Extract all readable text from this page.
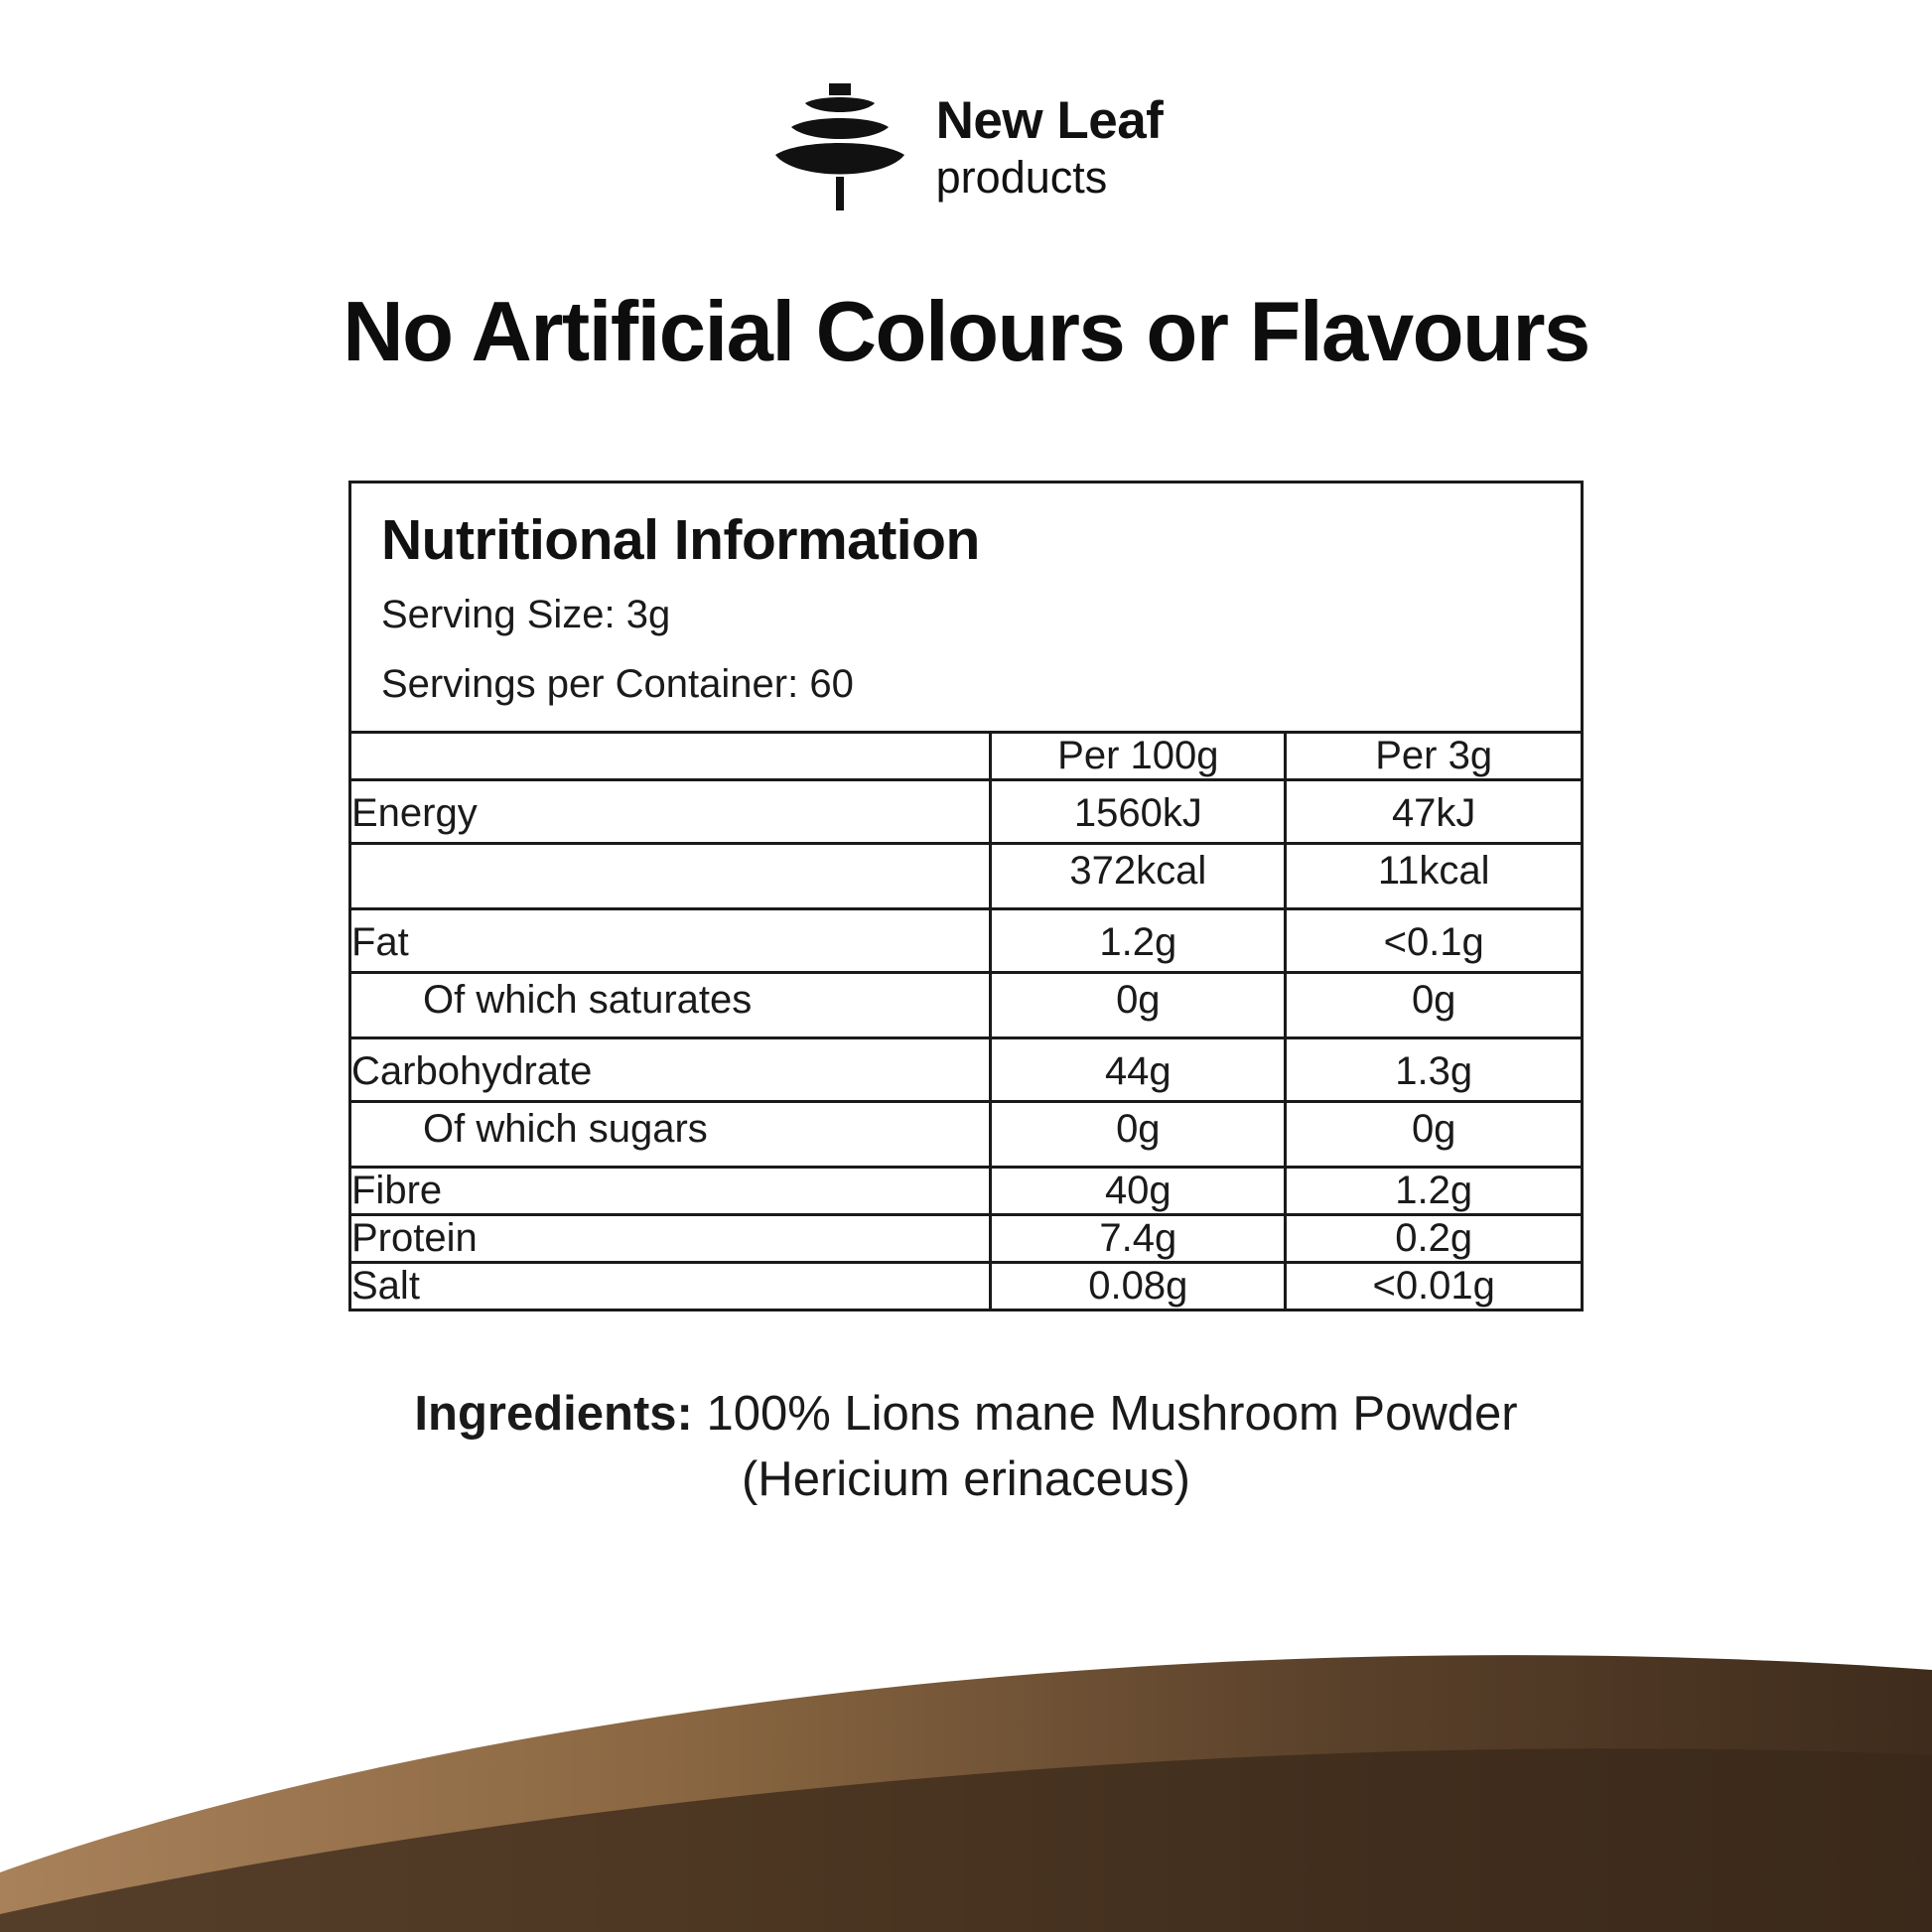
New Leaf
products
No Artificial Colours or Flavours
Nutritional Information
Serving Size: 3g
Servings per Container: 60
	Per 100g	Per 3g
Energy	1560kJ	47kJ
	372kcal	11kcal
Fat	1.2g	<0.1g
Of which saturates	0g	0g
Carbohydrate	44g	1.3g
Of which sugars	0g	0g
Fibre	40g	1.2g
Protein	7.4g	0.2g
Salt	0.08g	<0.01g
Ingredients: 100% Lions mane Mushroom Powder
(Hericium erinaceus)
